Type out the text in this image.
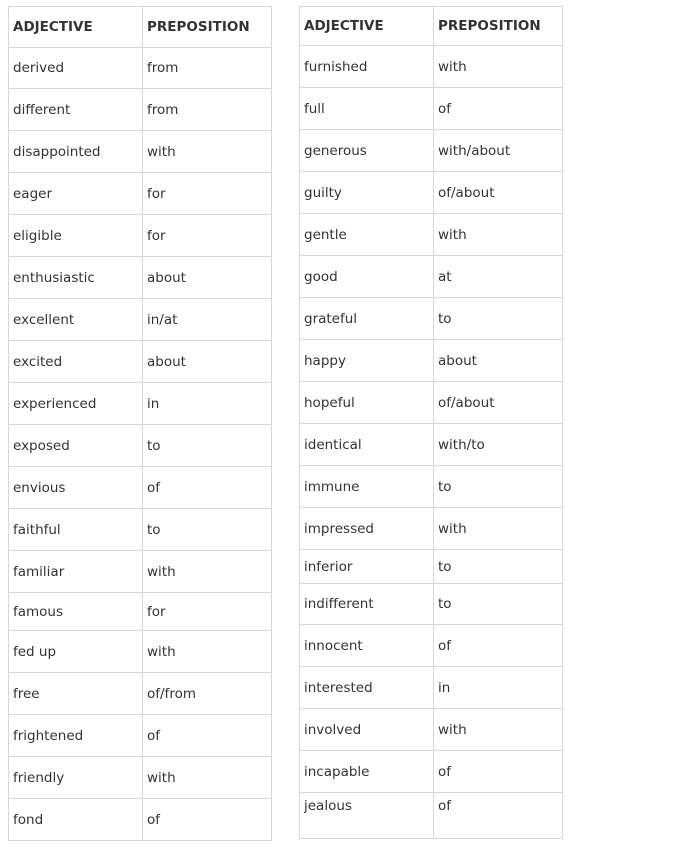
ADJECTIVE	PREPOSITION
derived	from
different	from
disappointed	with
eager	for
eligible	for
enthusiastic	about
excellent	in/at
excited	about
experienced	in
exposed	to
envious	of
faithful	to
familiar	with
famous	for
fed up	with
free	of/from
frightened	of
friendly	with
fond	of
ADJECTIVE	PREPOSITION
furnished	with
full	of
generous	with/about
guilty	of/about
gentle	with
good	at
grateful	to
happy	about
hopeful	of/about
identical	with/to
immune	to
impressed	with
inferior	to
indifferent	to
innocent	of
interested	in
involved	with
incapable	of
jealous	of
